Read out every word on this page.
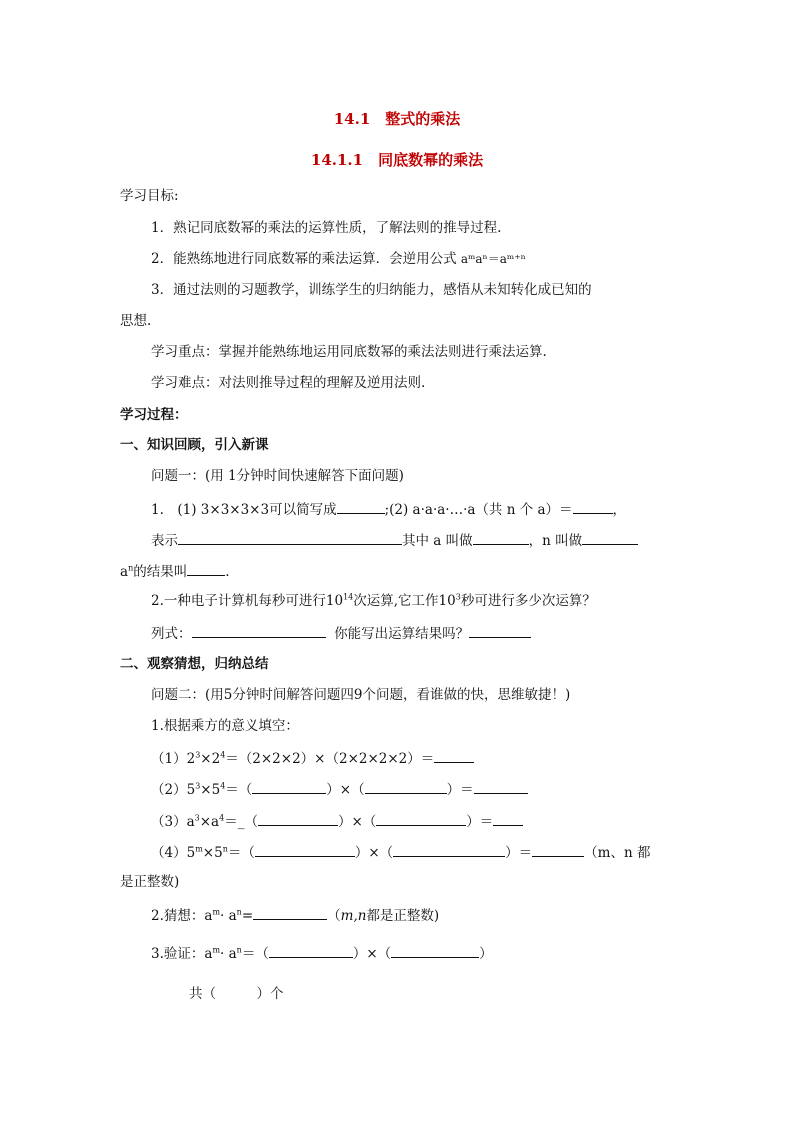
14.1　整式的乘法
14.1.1　同底数幂的乘法
学习目标:
1．熟记同底数幂的乘法的运算性质，了解法则的推导过程.
2．能熟练地进行同底数幂的乘法运算．会逆用公式 aᵐaⁿ＝aᵐ⁺ⁿ
3．通过法则的习题教学，训练学生的归纳能力，感悟从未知转化成已知的
思想.
学习重点：掌握并能熟练地运用同底数幂的乘法法则进行乘法运算.
学习难点：对法则推导过程的理解及逆用法则.
学习过程：
一、知识回顾，引入新课
问题一：(用 1分钟时间快速解答下面问题)
1.　(1) 3×3×3×3可以简写成	;(2) a·a·a·…·a（共 n 个 a）＝	，
表示	其中 a 叫做	，n 叫做
$a^n$的结果叫	.
2.一种电子计算机每秒可进行$10^{14}$次运算,它工作$10^3$秒可进行多少次运算？
列式：	你能写出运算结果吗？
二、观察猜想，归纳总结
问题二：(用5分钟时间解答问题四9个问题，看谁做的快，思维敏捷！)
1.根据乘方的意义填空：
$(1)2^3\times 2^4=(2\times 2\times 2)\times(2\times 2\times 2\times 2)=$
$(2)5^3\times 5^4=$（	）×（	）＝
$(3)a^3\times a^4=\_$（	）×（	）＝
$(4)5^m\times 5^n=$（	）×（	）＝	（m、n 都
是正整数)
2.猜想：$a^m\cdot a^n=$	（m,n都是正整数)
3.验证：$a^m\cdot a^n=$（	）×（	）
共（　　　）个
